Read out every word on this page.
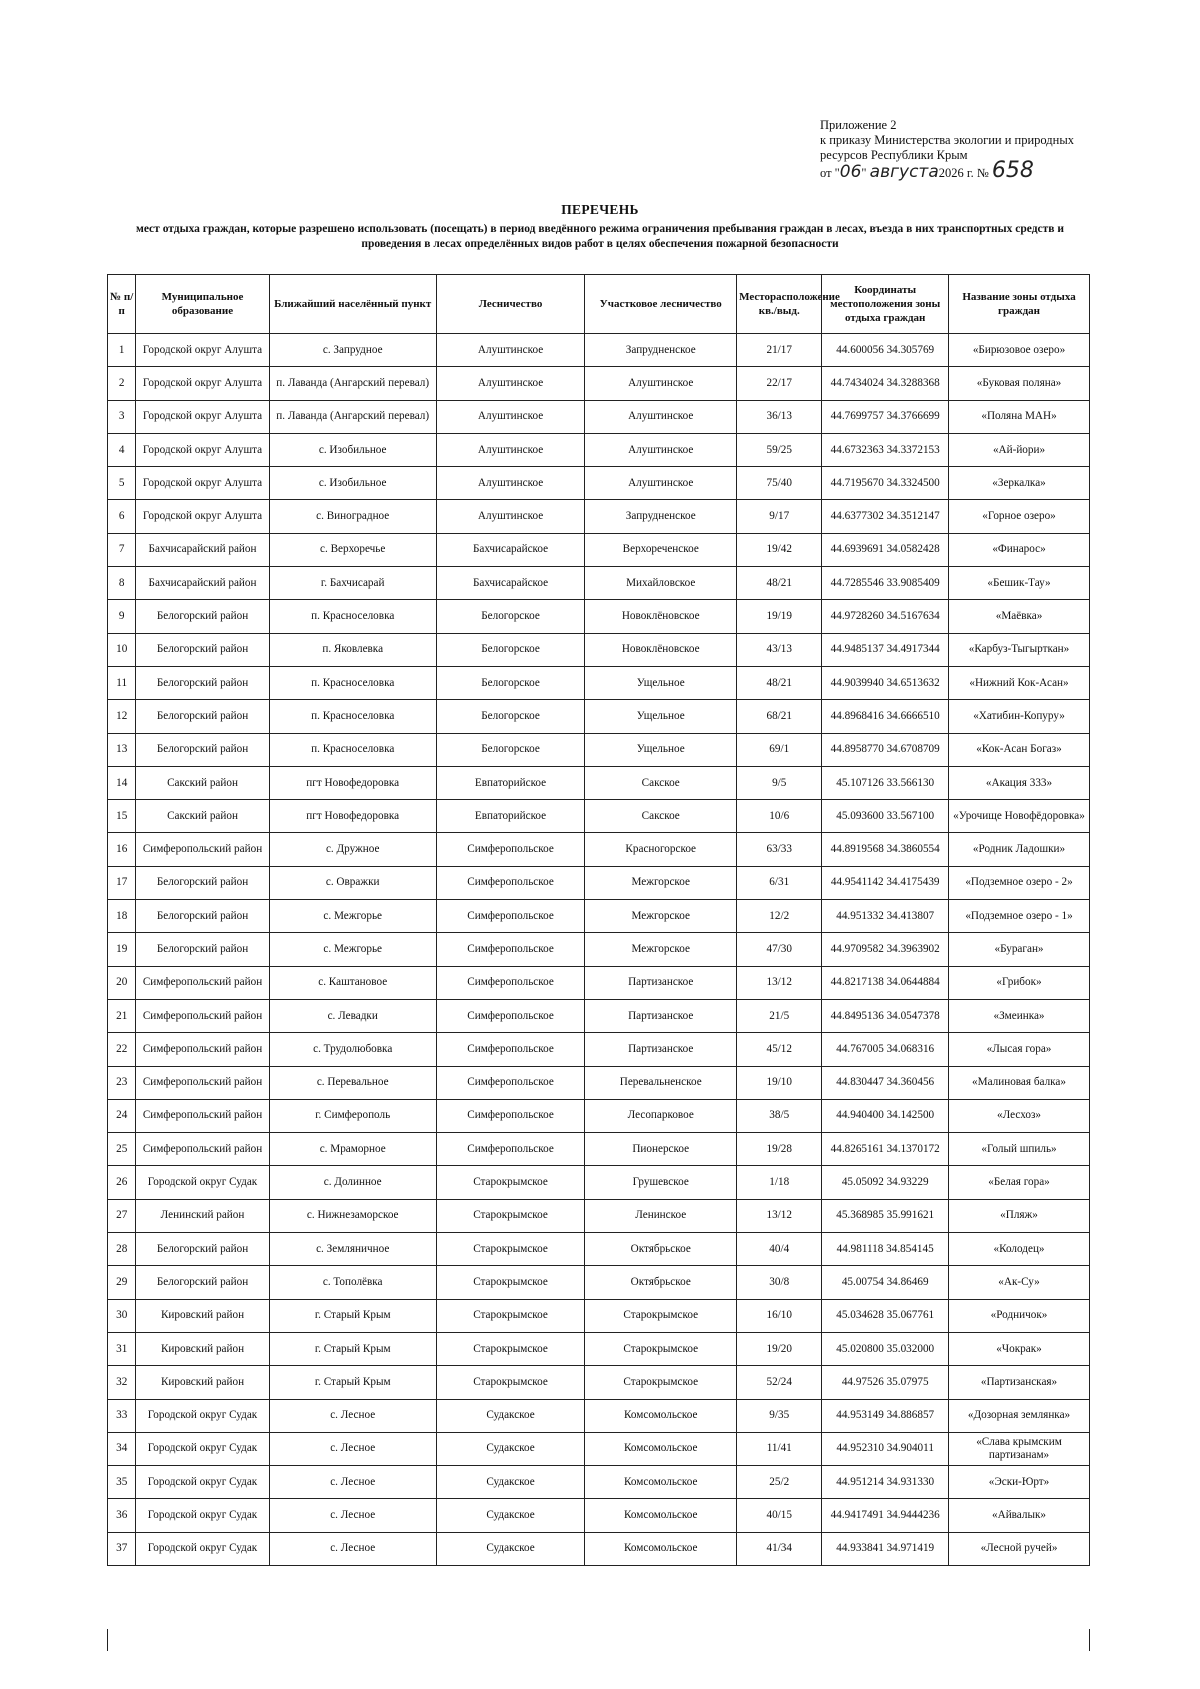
Приложение 2
к приказу Министерства экологии и природных
ресурсов Республики Крым
от "06" августа2026 г. № 658
ПЕРЕЧЕНЬ
мест отдыха граждан, которые разрешено использовать (посещать) в период введённого режима ограничения пребывания граждан в лесах, въезда в них транспортных средств и проведения в лесах определённых видов работ в целях обеспечения пожарной безопасности
№ п/п	Муниципальное образование	Ближайший населённый пункт	Лесничество	Участковое лесничество	Месторасположение кв./выд.	Координаты местоположения зоны отдыха граждан	Название зоны отдыха граждан
1	Городской округ Алушта	с. Запрудное	Алуштинское	Запрудненское	21/17	44.600056 34.305769	«Бирюзовое озеро»
2	Городской округ Алушта	п. Лаванда (Ангарский перевал)	Алуштинское	Алуштинское	22/17	44.7434024 34.3288368	«Буковая поляна»
3	Городской округ Алушта	п. Лаванда (Ангарский перевал)	Алуштинское	Алуштинское	36/13	44.7699757 34.3766699	«Поляна МАН»
4	Городской округ Алушта	с. Изобильное	Алуштинское	Алуштинское	59/25	44.6732363 34.3372153	«Ай-йори»
5	Городской округ Алушта	с. Изобильное	Алуштинское	Алуштинское	75/40	44.7195670 34.3324500	«Зеркалка»
6	Городской округ Алушта	с. Виноградное	Алуштинское	Запрудненское	9/17	44.6377302 34.3512147	«Горное озеро»
7	Бахчисарайский район	с. Верхоречье	Бахчисарайское	Верхореченское	19/42	44.6939691 34.0582428	«Финарос»
8	Бахчисарайский район	г. Бахчисарай	Бахчисарайское	Михайловское	48/21	44.7285546 33.9085409	«Бешик-Тау»
9	Белогорский район	п. Красноселовка	Белогорское	Новоклёновское	19/19	44.9728260 34.5167634	«Маёвка»
10	Белогорский район	п. Яковлевка	Белогорское	Новоклёновское	43/13	44.9485137 34.4917344	«Карбуз-Тыгырткан»
11	Белогорский район	п. Красноселовка	Белогорское	Ущельное	48/21	44.9039940 34.6513632	«Нижний Кок-Асан»
12	Белогорский район	п. Красноселовка	Белогорское	Ущельное	68/21	44.8968416 34.6666510	«Хатибин-Копуру»
13	Белогорский район	п. Красноселовка	Белогорское	Ущельное	69/1	44.8958770 34.6708709	«Кок-Асан Богаз»
14	Сакский район	пгт Новофедоровка	Евпаторийское	Сакское	9/5	45.107126 33.566130	«Акация 333»
15	Сакский район	пгт Новофедоровка	Евпаторийское	Сакское	10/6	45.093600 33.567100	«Урочище Новофёдоровка»
16	Симферопольский район	с. Дружное	Симферопольское	Красногорское	63/33	44.8919568 34.3860554	«Родник Ладошки»
17	Белогорский район	с. Овражки	Симферопольское	Межгорское	6/31	44.9541142 34.4175439	«Подземное озеро - 2»
18	Белогорский район	с. Межгорье	Симферопольское	Межгорское	12/2	44.951332 34.413807	«Подземное озеро - 1»
19	Белогорский район	с. Межгорье	Симферопольское	Межгорское	47/30	44.9709582 34.3963902	«Бураган»
20	Симферопольский район	с. Каштановое	Симферопольское	Партизанское	13/12	44.8217138 34.0644884	«Грибок»
21	Симферопольский район	с. Левадки	Симферопольское	Партизанское	21/5	44.8495136 34.0547378	«Змеинка»
22	Симферопольский район	с. Трудолюбовка	Симферопольское	Партизанское	45/12	44.767005 34.068316	«Лысая гора»
23	Симферопольский район	с. Перевальное	Симферопольское	Перевальненское	19/10	44.830447 34.360456	«Малиновая балка»
24	Симферопольский район	г. Симферополь	Симферопольское	Лесопарковое	38/5	44.940400 34.142500	«Лесхоз»
25	Симферопольский район	с. Мраморное	Симферопольское	Пионерское	19/28	44.8265161 34.1370172	«Голый шпиль»
26	Городской округ Судак	с. Долинное	Старокрымское	Грушевское	1/18	45.05092 34.93229	«Белая гора»
27	Ленинский район	с. Нижнезаморское	Старокрымское	Ленинское	13/12	45.368985 35.991621	«Пляж»
28	Белогорский район	с. Земляничное	Старокрымское	Октябрьское	40/4	44.981118 34.854145	«Колодец»
29	Белогорский район	с. Тополёвка	Старокрымское	Октябрьское	30/8	45.00754 34.86469	«Ак-Су»
30	Кировский район	г. Старый Крым	Старокрымское	Старокрымское	16/10	45.034628 35.067761	«Родничок»
31	Кировский район	г. Старый Крым	Старокрымское	Старокрымское	19/20	45.020800 35.032000	«Чокрак»
32	Кировский район	г. Старый Крым	Старокрымское	Старокрымское	52/24	44.97526 35.07975	«Партизанская»
33	Городской округ Судак	с. Лесное	Судакское	Комсомольское	9/35	44.953149 34.886857	«Дозорная землянка»
34	Городской округ Судак	с. Лесное	Судакское	Комсомольское	11/41	44.952310 34.904011	«Слава крымским партизанам»
35	Городской округ Судак	с. Лесное	Судакское	Комсомольское	25/2	44.951214 34.931330	«Эски-Юрт»
36	Городской округ Судак	с. Лесное	Судакское	Комсомольское	40/15	44.9417491 34.9444236	«Айвалык»
37	Городской округ Судак	с. Лесное	Судакское	Комсомольское	41/34	44.933841 34.971419	«Лесной ручей»
